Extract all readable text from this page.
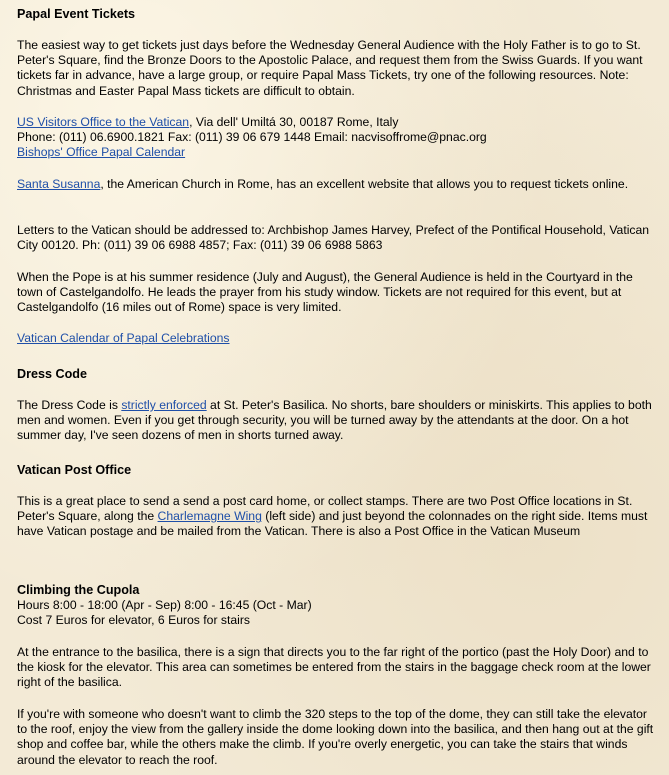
Papal Event Tickets

The easiest way to get tickets just days before the Wednesday General Audience with the Holy Father is to go to St. Peter's Square, find the Bronze Doors to the Apostolic Palace, and request them from the Swiss Guards. If you want tickets far in advance, have a large group, or require Papal Mass Tickets, try one of the following resources. Note: Christmas and Easter Papal Mass tickets are difficult to obtain.

US Visitors Office to the Vatican, Via dell' Umiltá 30, 00187 Rome, Italy
Phone: (011) 06.6900.1821 Fax: (011) 39 06 679 1448 Email: nacvisoffrome@pnac.org
Bishops' Office Papal Calendar

Santa Susanna, the American Church in Rome, has an excellent website that allows you to request tickets online.

Letters to the Vatican should be addressed to: Archbishop James Harvey, Prefect of the Pontifical Household, Vatican City 00120. Ph: (011) 39 06 6988 4857; Fax: (011) 39 06 6988 5863

When the Pope is at his summer residence (July and August), the General Audience is held in the Courtyard in the town of Castelgandolfo. He leads the prayer from his study window. Tickets are not required for this event, but at Castelgandolfo (16 miles out of Rome) space is very limited.

Vatican Calendar of Papal Celebrations

Dress Code

The Dress Code is strictly enforced at St. Peter's Basilica. No shorts, bare shoulders or miniskirts. This applies to both men and women. Even if you get through security, you will be turned away by the attendants at the door. On a hot summer day, I've seen dozens of men in shorts turned away.

Vatican Post Office

This is a great place to send a send a post card home, or collect stamps. There are two Post Office locations in St. Peter's Square, along the Charlemagne Wing (left side) and just beyond the colonnades on the right side. Items must have Vatican postage and be mailed from the Vatican. There is also a Post Office in the Vatican Museum

Climbing the Cupola
Hours 8:00 - 18:00 (Apr - Sep) 8:00 - 16:45 (Oct - Mar)
Cost 7 Euros for elevator, 6 Euros for stairs

At the entrance to the basilica, there is a sign that directs you to the far right of the portico (past the Holy Door) and to the kiosk for the elevator. This area can sometimes be entered from the stairs in the baggage check room at the lower right of the basilica.

If you're with someone who doesn't want to climb the 320 steps to the top of the dome, they can still take the elevator to the roof, enjoy the view from the gallery inside the dome looking down into the basilica, and then hang out at the gift shop and coffee bar, while the others make the climb. If you're overly energetic, you can take the stairs that winds around the elevator to reach the roof.
